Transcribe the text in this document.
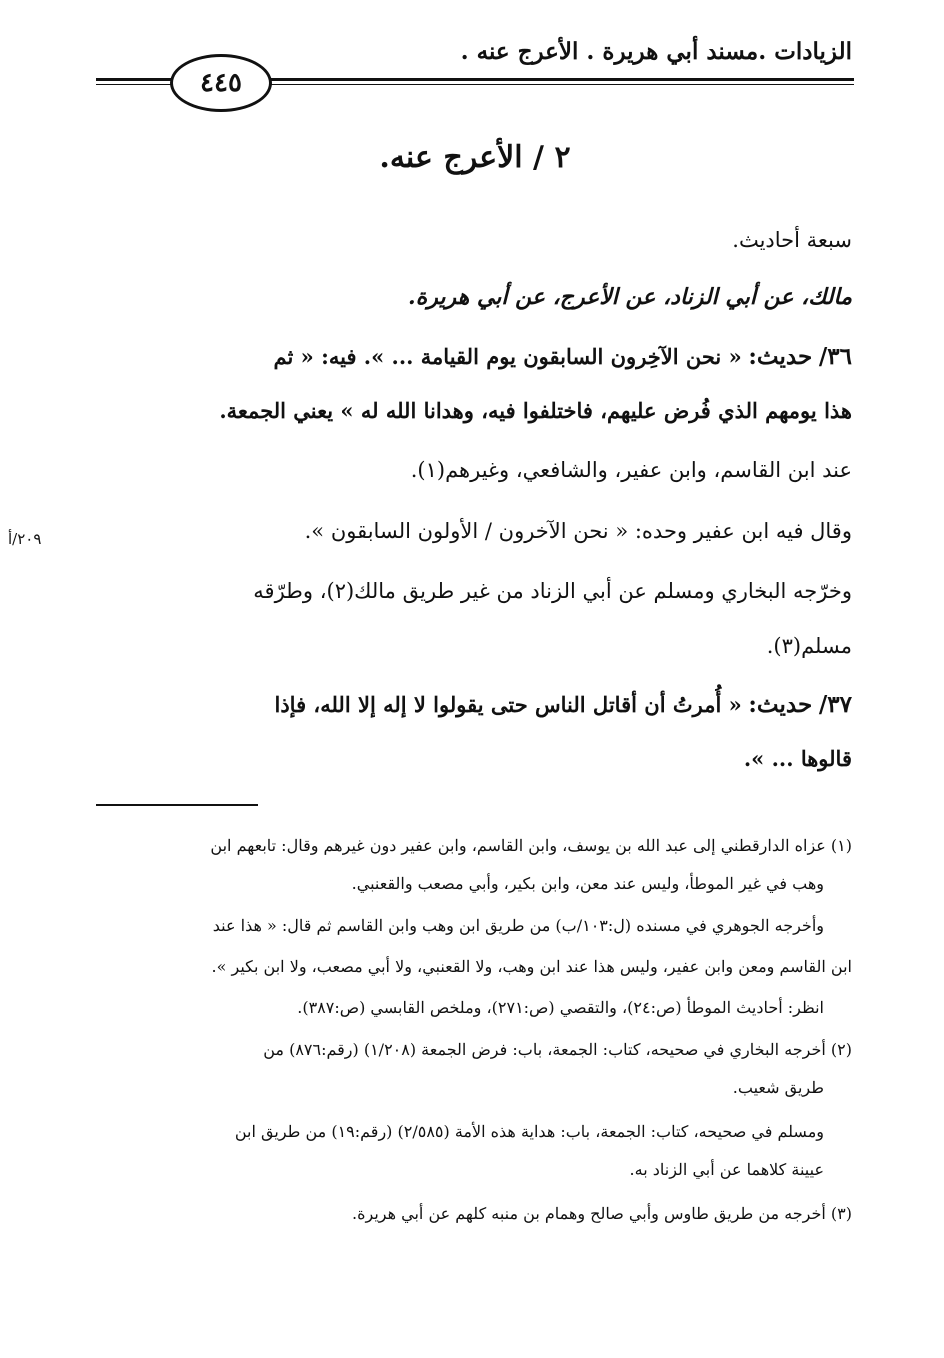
الزيادات .مسند أبي هريرة . الأعرج عنه .
٤٤٥
٢ / الأعرج عنه.
سبعة أحاديث.
مالك، عن أبي الزناد، عن الأعرج، عن أبي هريرة.
٣٦/ حديث: « نحن الآخِرون السابقون يوم القيامة ... ». فيه: « ثم
هذا يومهم الذي فُرض عليهم، فاختلفوا فيه، وهدانا الله له » يعني الجمعة.
عند ابن القاسم، وابن عفير، والشافعي، وغيرهم(١).
وقال فيه ابن عفير وحده: « نحن الآخرون / الأولون السابقون ».
وخرّجه البخاري ومسلم عن أبي الزناد من غير طريق مالك(٢)، وطرّقه
مسلم(٣).
٣٧/ حديث: « أُمرتُ أن أقاتل الناس حتى يقولوا لا إله إلا الله، فإذا
قالوها ... ».
٢٠٩/أ
(١) عزاه الدارقطني إلى عبد الله بن يوسف، وابن القاسم، وابن عفير دون غيرهم وقال: تابعهم ابن
وهب في غير الموطأ، وليس عند معن، وابن بكير، وأبي مصعب والقعنبي.
وأخرجه الجوهري في مسنده (ل:١٠٣/ب) من طريق ابن وهب وابن القاسم ثم قال: « هذا عند
ابن القاسم ومعن وابن عفير، وليس هذا عند ابن وهب، ولا القعنبي، ولا أبي مصعب، ولا ابن بكير ».
انظر: أحاديث الموطأ (ص:٢٤)، والتقصي (ص:٢٧١)، وملخص القابسي (ص:٣٨٧).
(٢) أخرجه البخاري في صحيحه، كتاب: الجمعة، باب: فرض الجمعة (١/٢٠٨) (رقم:٨٧٦) من
طريق شعيب.
ومسلم في صحيحه، كتاب: الجمعة، باب: هداية هذه الأمة (٢/٥٨٥) (رقم:١٩) من طريق ابن
عيينة كلاهما عن أبي الزناد به.
(٣) أخرجه من طريق طاوس وأبي صالح وهمام بن منبه كلهم عن أبي هريرة.
